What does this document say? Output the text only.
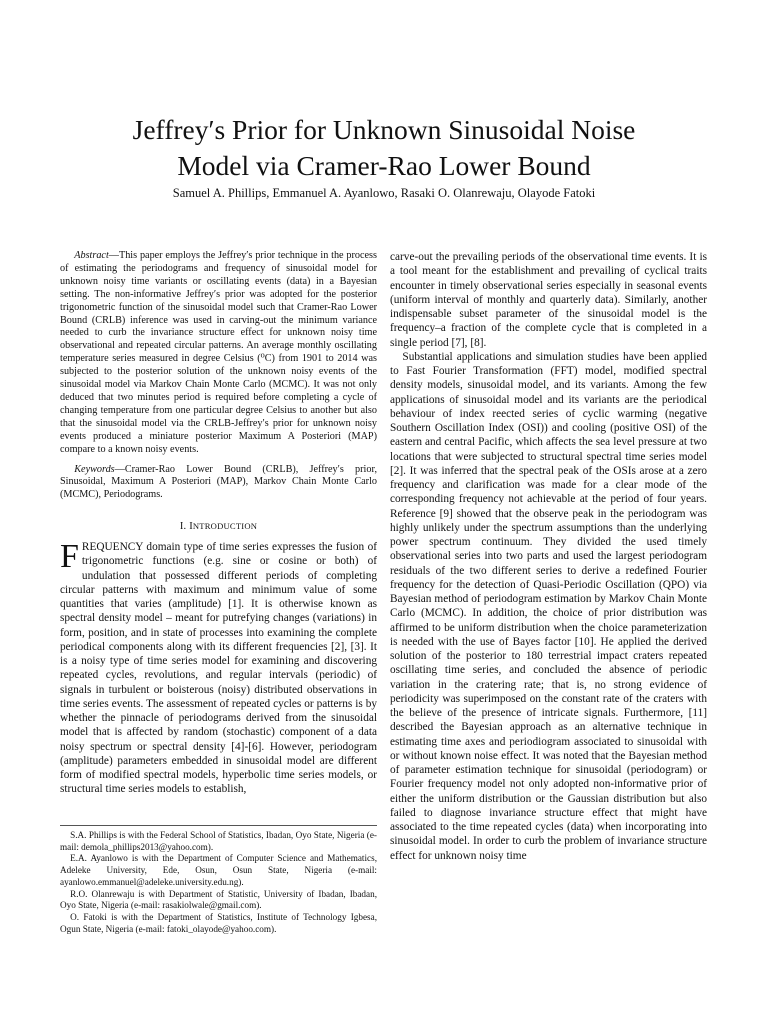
Jeffrey′s Prior for Unknown Sinusoidal Noise
Model via Cramer-Rao Lower Bound

Samuel A. Phillips, Emmanuel A. Ayanlowo, Rasaki O. Olanrewaju, Olayode Fatoki

Abstract—This paper employs the Jeffrey′s prior technique in the process of estimating the periodograms and frequency of sinusoidal model for unknown noisy time variants or oscillating events (data) in a Bayesian setting. The non-informative Jeffrey′s prior was adopted for the posterior trigonometric function of the sinusoidal model such that Cramer-Rao Lower Bound (CRLB) inference was used in carving-out the minimum variance needed to curb the invariance structure effect for unknown noisy time observational and repeated circular patterns. An average monthly oscillating temperature series measured in degree Celsius (⁰C) from 1901 to 2014 was subjected to the posterior solution of the unknown noisy events of the sinusoidal model via Markov Chain Monte Carlo (MCMC). It was not only deduced that two minutes period is required before completing a cycle of changing temperature from one particular degree Celsius to another but also that the sinusoidal model via the CRLB-Jeffrey′s prior for unknown noisy events produced a miniature posterior Maximum A Posteriori (MAP) compare to a known noisy events.

Keywords—Cramer-Rao Lower Bound (CRLB), Jeffrey′s prior, Sinusoidal, Maximum A Posteriori (MAP), Markov Chain Monte Carlo (MCMC), Periodograms.

I. INTRODUCTION

FREQUENCY domain type of time series expresses the fusion of trigonometric functions (e.g. sine or cosine or both) of undulation that possessed different periods of completing circular patterns with maximum and minimum value of some quantities that varies (amplitude) [1]. It is otherwise known as spectral density model – meant for putrefying changes (variations) in form, position, and in state of processes into examining the complete periodical components along with its different frequencies [2], [3]. It is a noisy type of time series model for examining and discovering repeated cycles, revolutions, and regular intervals (periodic) of signals in turbulent or boisterous (noisy) distributed observations in time series events. The assessment of repeated cycles or patterns is by whether the pinnacle of periodograms derived from the sinusoidal model that is affected by random (stochastic) component of a data noisy spectrum or spectral density [4]-[6]. However, periodogram (amplitude) parameters embedded in sinusoidal model are different form of modified spectral models, hyperbolic time series models, or structural time series models to establish,

S.A. Phillips is with the Federal School of Statistics, Ibadan, Oyo State, Nigeria (e-mail: demola_phillips2013@yahoo.com).

E.A. Ayanlowo is with the Department of Computer Science and Mathematics, Adeleke University, Ede, Osun, Osun State, Nigeria (e-mail: ayanlowo.emmanuel@adeleke.university.edu.ng).

R.O. Olanrewaju is with Department of Statistic, University of Ibadan, Ibadan, Oyo State, Nigeria (e-mail: rasakiolwale@gmail.com).

O. Fatoki is with the Department of Statistics, Institute of Technology Igbesa, Ogun State, Nigeria (e-mail: fatoki_olayode@yahoo.com).

carve-out the prevailing periods of the observational time events. It is a tool meant for the establishment and prevailing of cyclical traits encounter in timely observational series especially in seasonal events (uniform interval of monthly and quarterly data). Similarly, another indispensable subset parameter of the sinusoidal model is the frequency–a fraction of the complete cycle that is completed in a single period [7], [8].

Substantial applications and simulation studies have been applied to Fast Fourier Transformation (FFT) model, modified spectral density models, sinusoidal model, and its variants. Among the few applications of sinusoidal model and its variants are the periodical behaviour of index reected series of cyclic warming (negative Southern Oscillation Index (OSI)) and cooling (positive OSI) of the eastern and central Pacific, which affects the sea level pressure at two locations that were subjected to structural spectral time series model [2]. It was inferred that the spectral peak of the OSIs arose at a zero frequency and clarification was made for a clear mode of the corresponding frequency not achievable at the period of four years. Reference [9] showed that the observe peak in the periodogram was highly unlikely under the spectrum assumptions than the underlying power spectrum continuum. They divided the used timely observational series into two parts and used the largest periodogram residuals of the two different series to derive a redefined Fourier frequency for the detection of Quasi-Periodic Oscillation (QPO) via Bayesian method of periodogram estimation by Markov Chain Monte Carlo (MCMC). In addition, the choice of prior distribution was affirmed to be uniform distribution when the choice parameterization is needed with the use of Bayes factor [10]. He applied the derived solution of the posterior to 180 terrestrial impact craters repeated oscillating time series, and concluded the absence of periodic variation in the cratering rate; that is, no strong evidence of periodicity was superimposed on the constant rate of the craters with the believe of the presence of intricate signals. Furthermore, [11] described the Bayesian approach as an alternative technique in estimating time axes and periodiogram associated to sinusoidal with or without known noise effect. It was noted that the Bayesian method of parameter estimation technique for sinusoidal (periodogram) or Fourier frequency model not only adopted non-informative prior of either the uniform distribution or the Gaussian distribution but also failed to diagnose invariance structure effect that might have associated to the time repeated cycles (data) when incorporating into sinusoidal model. In order to curb the problem of invariance structure effect for unknown noisy time
